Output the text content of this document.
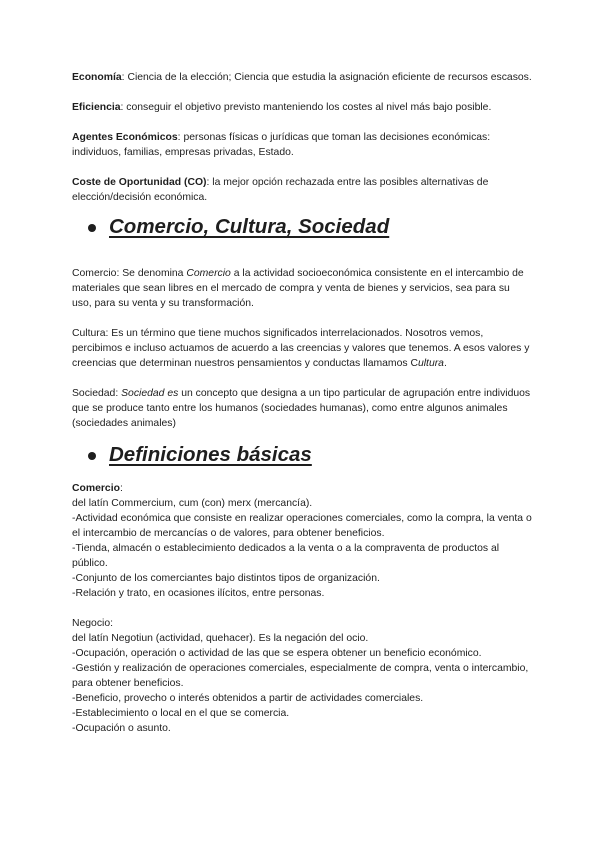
Economía: Ciencia de la elección; Ciencia que estudia la asignación eficiente de recursos escasos.

Eficiencia: conseguir el objetivo previsto manteniendo los costes al nivel más bajo posible.

Agentes Económicos: personas físicas o jurídicas que toman las decisiones económicas: individuos, familias, empresas privadas, Estado.

Coste de Oportunidad (CO): la mejor opción rechazada entre las posibles alternativas de elección/decisión económica.

Comercio, Cultura, Sociedad

Comercio: Se denomina Comercio a la actividad socioeconómica consistente en el intercambio de materiales que sean libres en el mercado de compra y venta de bienes y servicios, sea para su uso, para su venta y su transformación.

Cultura: Es un término que tiene muchos significados interrelacionados. Nosotros vemos, percibimos e incluso actuamos de acuerdo a las creencias y valores que tenemos. A esos valores y creencias que determinan nuestros pensamientos y conductas llamamos Cultura.

Sociedad: Sociedad es un concepto que designa a un tipo particular de agrupación entre individuos que se produce tanto entre los humanos (sociedades humanas), como entre algunos animales (sociedades animales)

Definiciones básicas

Comercio:

del latín Commercium, cum (con) merx (mercancía).

-Actividad económica que consiste en realizar operaciones comerciales, como la compra, la venta o el intercambio de mercancías o de valores, para obtener beneficios.

-Tienda, almacén o establecimiento dedicados a la venta o a la compraventa de productos al público.

-Conjunto de los comerciantes bajo distintos tipos de organización.

-Relación y trato, en ocasiones ilícitos, entre personas.

Negocio:

del latín Negotiun (actividad, quehacer). Es la negación del ocio.

-Ocupación, operación o actividad de las que se espera obtener un beneficio económico.

-Gestión y realización de operaciones comerciales, especialmente de compra, venta o intercambio, para obtener beneficios.

-Beneficio, provecho o interés obtenidos a partir de actividades comerciales.

-Establecimiento o local en el que se comercia.

-Ocupación o asunto.
